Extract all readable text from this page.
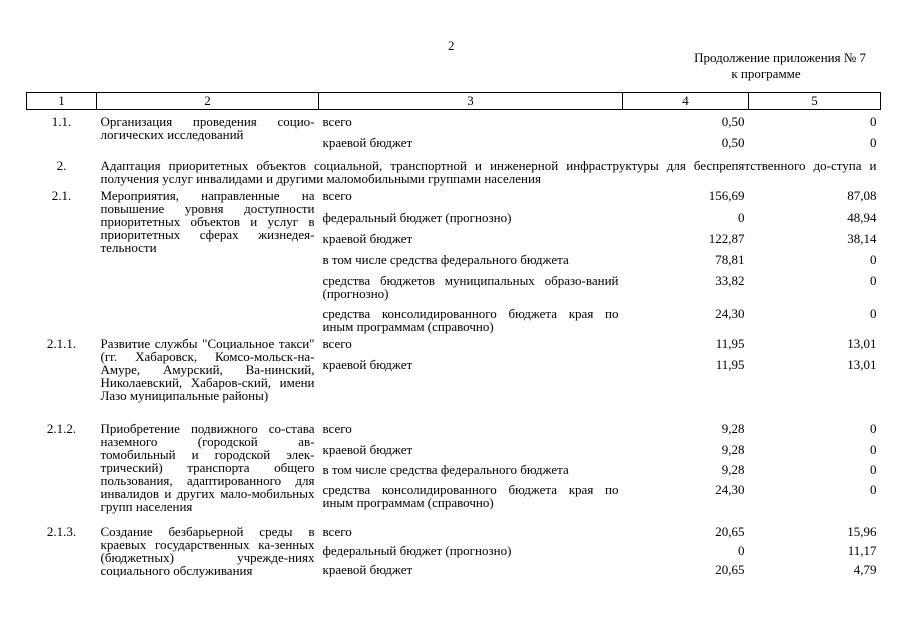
2
Продолжение приложения № 7
к программе
1	2	3	4	5
1.1.	Организация проведения социо-логических исследований	всего	0,50	0
		краевой бюджет	0,50	0
2.	Адаптация приоритетных объектов социальной, транспортной и инженерной инфраструктуры для беспрепятственного до-ступа и получения услуг инвалидами и другими маломобильными группами населения			
2.1.	Мероприятия, направленные на повышение уровня доступности приоритетных объектов и услуг в приоритетных сферах жизнедея-тельности	всего	156,69	87,08
		федеральный бюджет (прогнозно)	0	48,94
		краевой бюджет	122,87	38,14
		в том числе средства федерального бюджета	78,81	0
		средства бюджетов муниципальных образо-ваний (прогнозно)	33,82	0
		средства консолидированного бюджета края по иным программам (справочно)	24,30	0
2.1.1.	Развитие службы "Социальное такси" (гг. Хабаровск, Комсо-мольск-на-Амуре, Амурский, Ва-нинский, Николаевский, Хабаров-ский, имени Лазо муниципальные районы)	всего	11,95	13,01
		краевой бюджет	11,95	13,01
2.1.2.	Приобретение подвижного со-става наземного (городской ав-томобильный и городской элек-трический) транспорта общего пользования, адаптированного для инвалидов и других мало-мобильных групп населения	всего	9,28	0
		краевой бюджет	9,28	0
		в том числе средства федерального бюджета	9,28	0
		средства консолидированного бюджета края по иным программам (справочно)	24,30	0
2.1.3.	Создание безбарьерной среды в краевых государственных ка-зенных (бюджетных) учрежде-ниях социального обслуживания	всего	20,65	15,96
		федеральный бюджет (прогнозно)	0	11,17
		краевой бюджет	20,65	4,79
